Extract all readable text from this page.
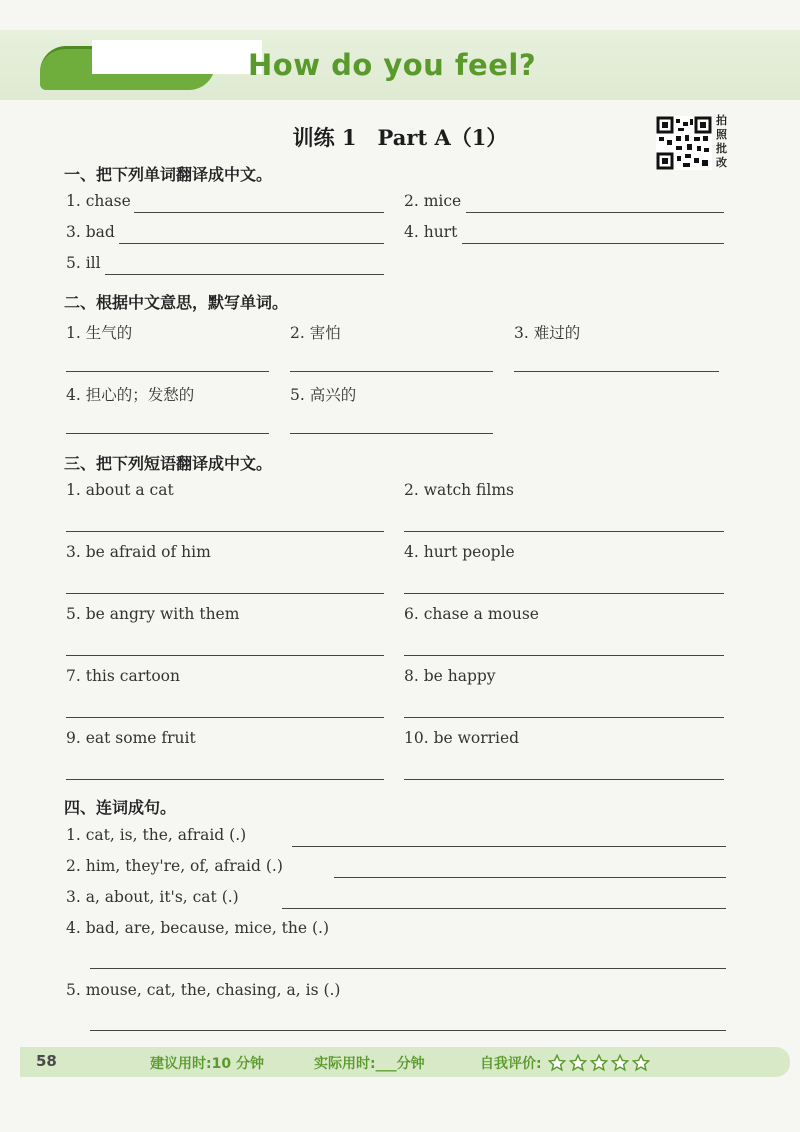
How do you feel?
训练 1　Part A（1）
拍照批改
一、把下列单词翻译成中文。
1. chase	2. mice
3. bad	4. hurt
5. ill
二、根据中文意思，默写单词。
1. 生气的	2. 害怕	3. 难过的
4. 担心的；发愁的	5. 高兴的
三、把下列短语翻译成中文。
1. about a cat	2. watch films
3. be afraid of him	4. hurt people
5. be angry with them	6. chase a mouse
7. this cartoon	8. be happy
9. eat some fruit	10. be worried
四、连词成句。
1. cat, is, the, afraid (.)
2. him, they're, of, afraid (.)
3. a, about, it's, cat (.)
4. bad, are, because, mice, the (.)
5. mouse, cat, the, chasing, a, is (.)
58	建议用时:10 分钟	实际用时:___分钟	自我评价:
